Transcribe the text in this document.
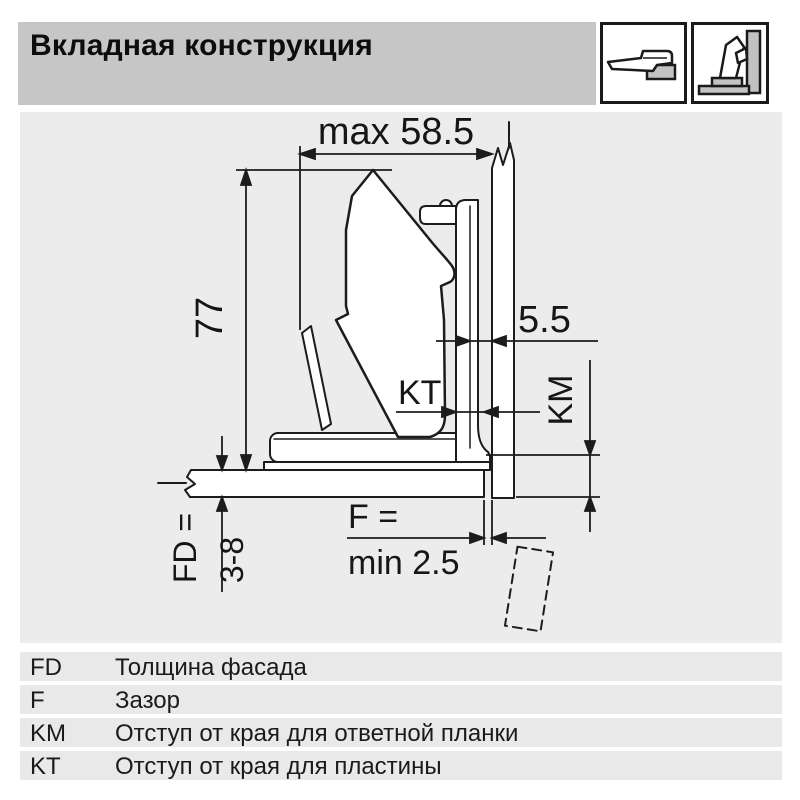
Вкладная конструкция
max 58.5
77	5.5
KT	KM
FD = 3-8
F =
min 2.5
FD Толщина фасада
F	Зазор
KM Отступ от края для ответной планки
KT Отступ от края для пластины
